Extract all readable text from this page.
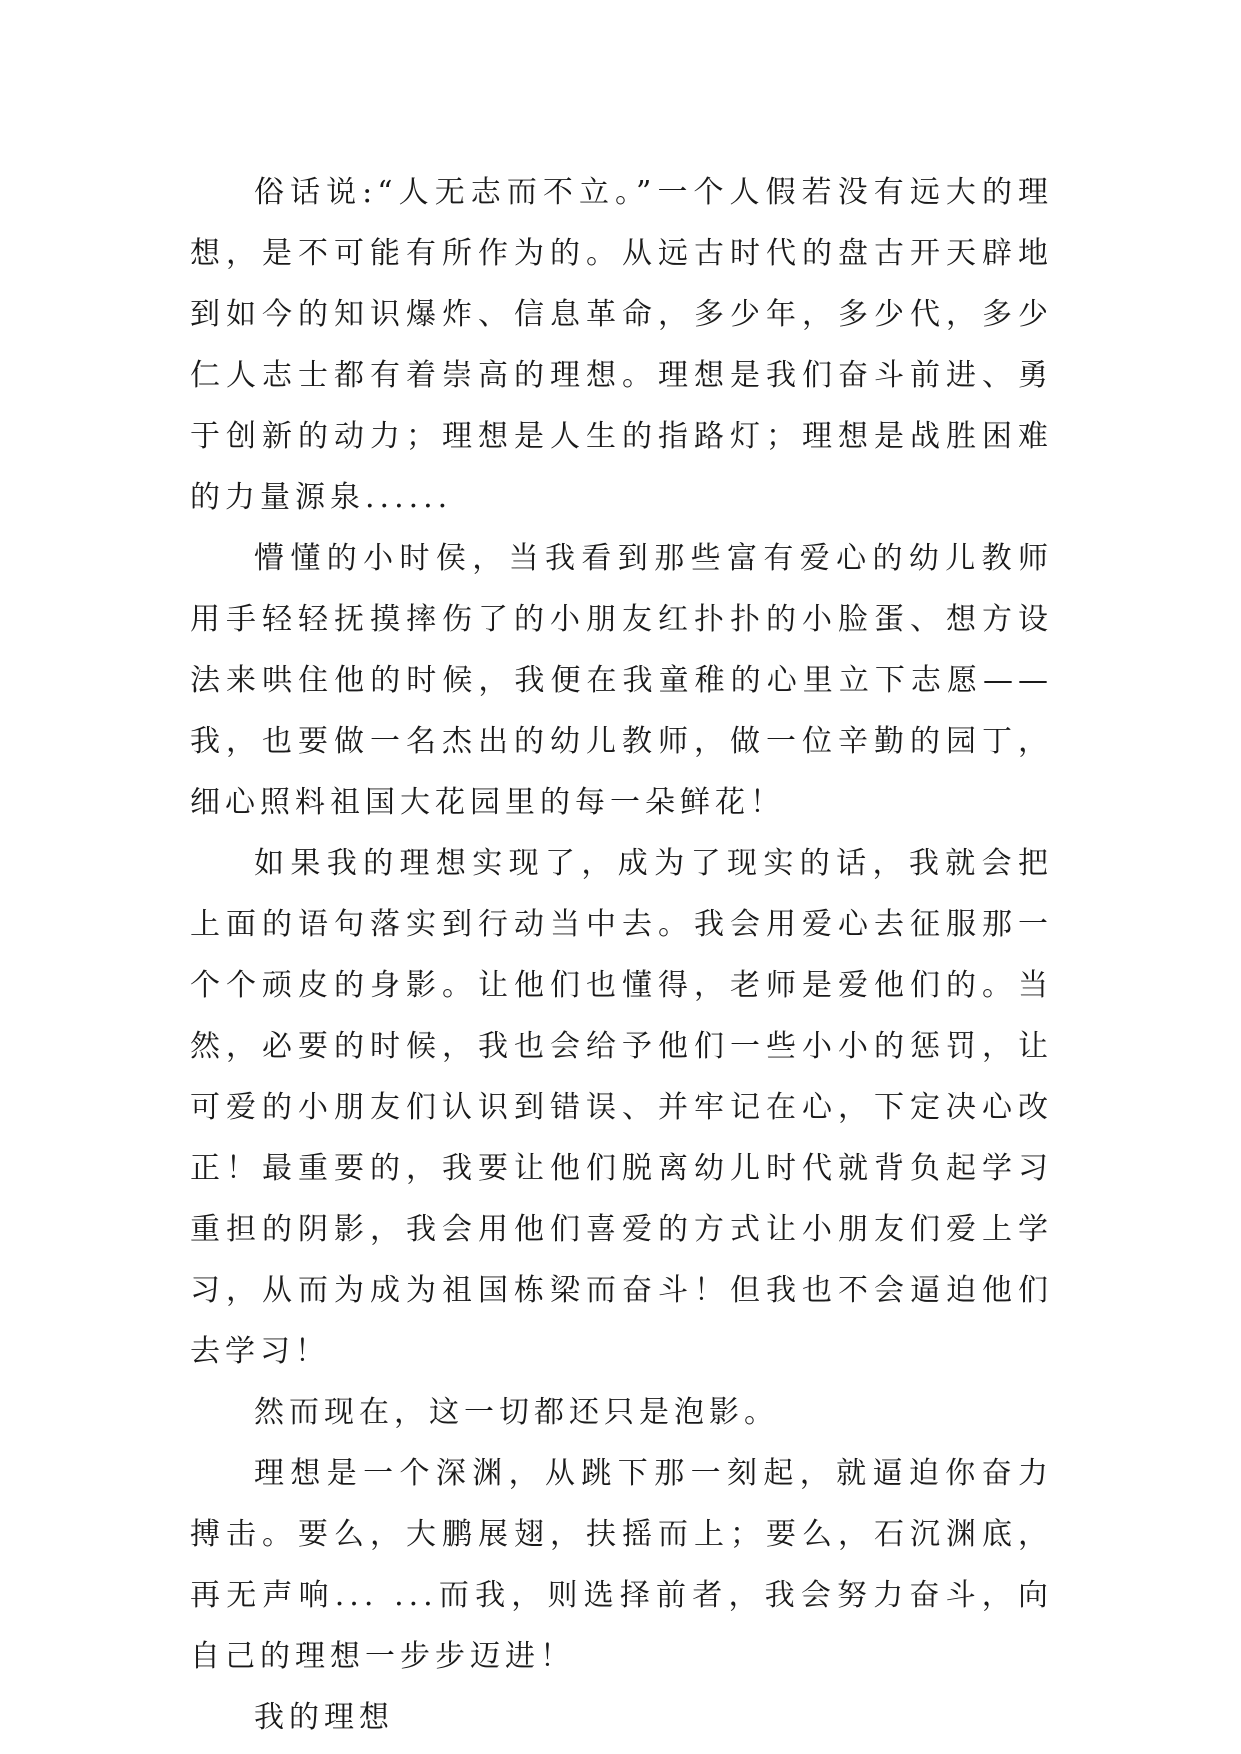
俗话说:“人无志而不立。”一个人假若没有远大的理想，是不可能有所作为的。从远古时代的盘古开天辟地到如今的知识爆炸、信息革命，多少年，多少代，多少仁人志士都有着崇高的理想。理想是我们奋斗前进、勇于创新的动力；理想是人生的指路灯；理想是战胜困难的力量源泉......

懵懂的小时侯，当我看到那些富有爱心的幼儿教师用手轻轻抚摸摔伤了的小朋友红扑扑的小脸蛋、想方设法来哄住他的时候，我便在我童稚的心里立下志愿——我，也要做一名杰出的幼儿教师，做一位辛勤的园丁，细心照料祖国大花园里的每一朵鲜花！

如果我的理想实现了，成为了现实的话，我就会把上面的语句落实到行动当中去。我会用爱心去征服那一个个顽皮的身影。让他们也懂得，老师是爱他们的。当然，必要的时候，我也会给予他们一些小小的惩罚，让可爱的小朋友们认识到错误、并牢记在心，下定决心改正！最重要的，我要让他们脱离幼儿时代就背负起学习重担的阴影，我会用他们喜爱的方式让小朋友们爱上学习，从而为成为祖国栋梁而奋斗！但我也不会逼迫他们去学习！

然而现在，这一切都还只是泡影。

理想是一个深渊，从跳下那一刻起，就逼迫你奋力搏击。要么，大鹏展翅，扶摇而上；要么，石沉渊底，再无声响... ...而我，则选择前者，我会努力奋斗，向自己的理想一步步迈进！

我的理想
